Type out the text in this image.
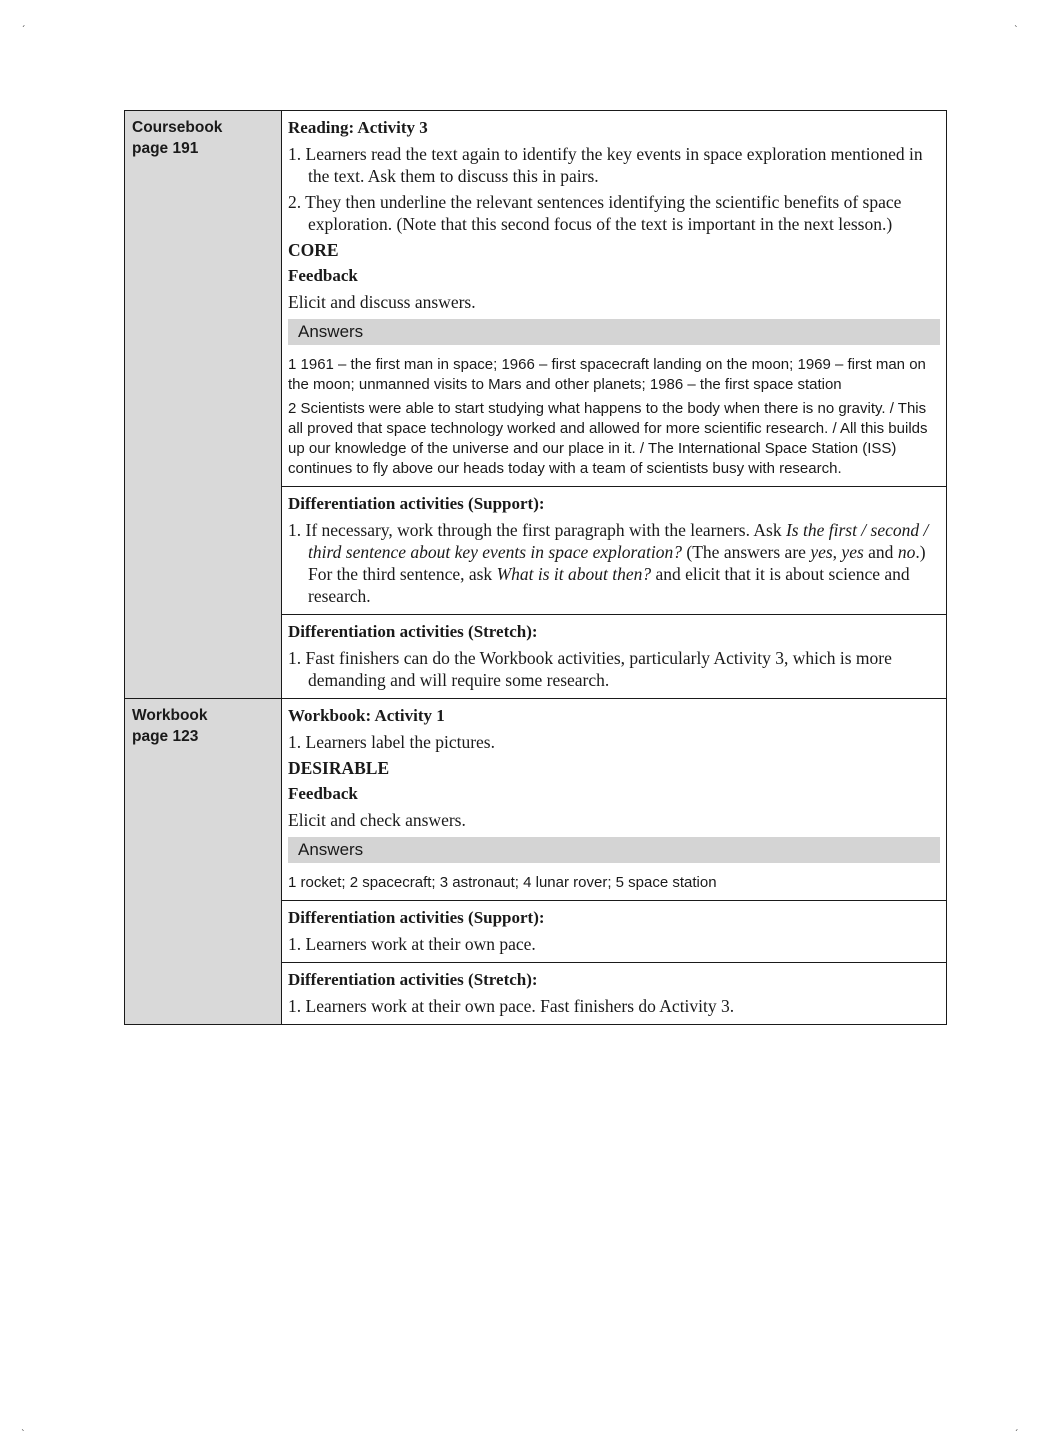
ˏ	ˎ
ˎ	ˏ
Coursebook
page 191
Reading: Activity 3
1. Learners read the text again to identify the key events in space exploration mentioned in the text. Ask them to discuss this in pairs.
2. They then underline the relevant sentences identifying the scientific benefits of space exploration. (Note that this second focus of the text is important in the next lesson.)
CORE
Feedback
Elicit and discuss answers.
Answers
1 1961 – the first man in space; 1966 – first spacecraft landing on the moon; 1969 – first man on the moon; unmanned visits to Mars and other planets; 1986 – the first space station
2 Scientists were able to start studying what happens to the body when there is no gravity. / This all proved that space technology worked and allowed for more scientific research. / All this builds up our knowledge of the universe and our place in it. / The International Space Station (ISS) continues to fly above our heads today with a team of scientists busy with research.
Differentiation activities (Support):
1. If necessary, work through the first paragraph with the learners. Ask Is the first / second / third sentence about key events in space exploration? (The answers are yes, yes and no.) For the third sentence, ask What is it about then? and elicit that it is about science and research.
Differentiation activities (Stretch):
1. Fast finishers can do the Workbook activities, particularly Activity 3, which is more demanding and will require some research.
Workbook
page 123
Workbook: Activity 1
1. Learners label the pictures.
DESIRABLE
Feedback
Elicit and check answers.
Answers
1 rocket; 2 spacecraft; 3 astronaut; 4 lunar rover; 5 space station
Differentiation activities (Support):
1. Learners work at their own pace.
Differentiation activities (Stretch):
1. Learners work at their own pace. Fast finishers do Activity 3.
